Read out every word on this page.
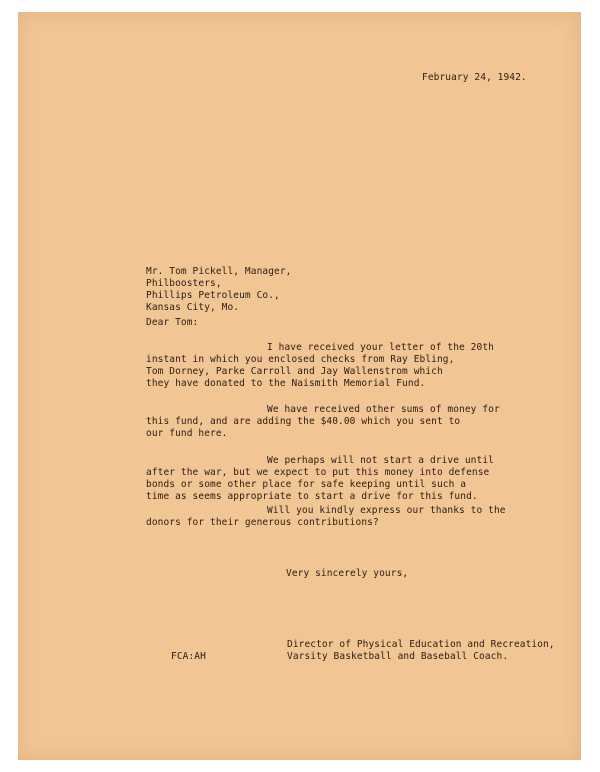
February 24, 1942.
Mr. Tom Pickell, Manager,
Philboosters,
Phillips Petroleum Co.,
Kansas City, Mo.
Dear Tom:
I have received your letter of the 20th
instant in which you enclosed checks from Ray Ebling,
Tom Dorney, Parke Carroll and Jay Wallenstrom which
they have donated to the Naismith Memorial Fund.
We have received other sums of money for
this fund, and are adding the $40.00 which you sent to
our fund here.
We perhaps will not start a drive until
after the war, but we expect to put this money into defense
bonds or some other place for safe keeping until such a
time as seems appropriate to start a drive for this fund.
Will you kindly express our thanks to the
donors for their generous contributions?
Very sincerely yours,
FCA:AH
Director of Physical Education and Recreation,
Varsity Basketball and Baseball Coach.
